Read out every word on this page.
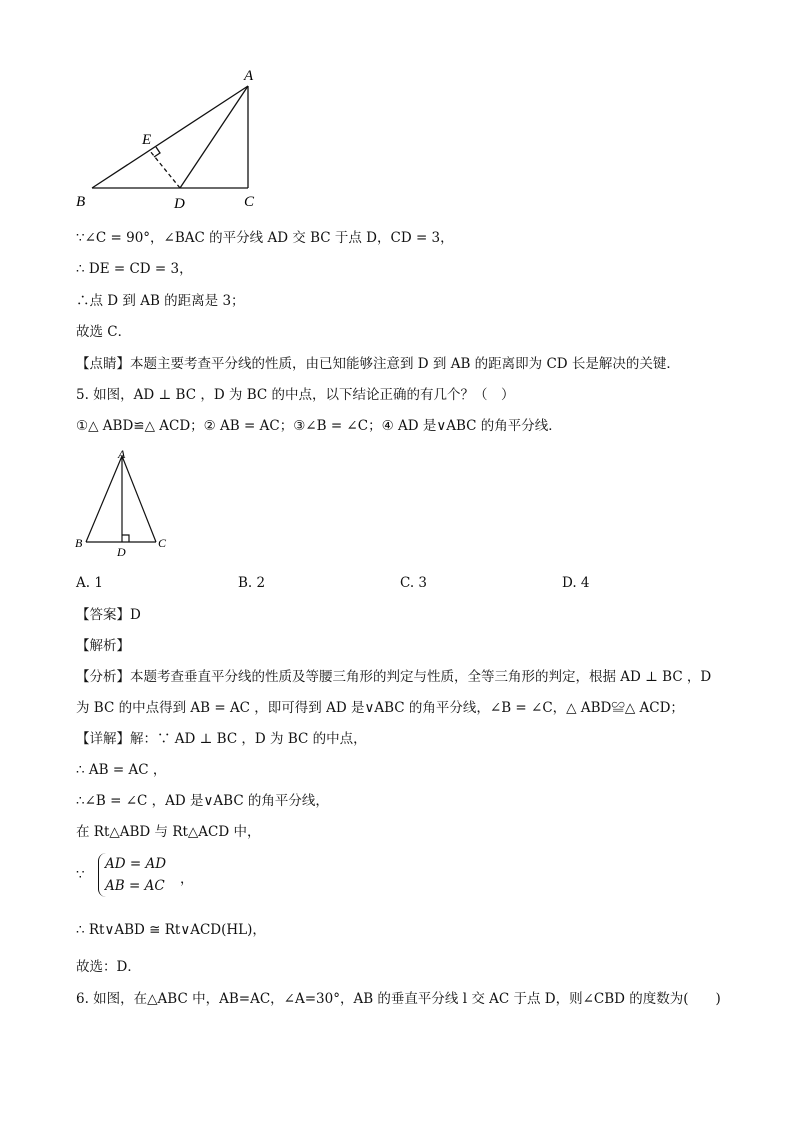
A
E
B	D	C
∵∠C = 90°，∠BAC 的平分线 AD 交 BC 于点 D，CD = 3，
∴ DE = CD = 3，
∴点 D 到 AB 的距离是 3；
故选 C．
【点睛】本题主要考查平分线的性质，由已知能够注意到 D 到 AB 的距离即为 CD 长是解决的关键．
5. 如图，AD ⊥ BC ，D 为 BC 的中点，以下结论正确的有几个？（　）
①△ ABD≌△ ACD；② AB = AC；③∠B = ∠C；④ AD 是∨ABC 的角平分线．
A
B	C
D
A. 1	B. 2	C. 3	D. 4
【答案】D
【解析】
【分析】本题考查垂直平分线的性质及等腰三角形的判定与性质，全等三角形的判定，根据 AD ⊥ BC ，D
为 BC 的中点得到 AB = AC ，即可得到 AD 是∨ABC 的角平分线，∠B = ∠C，△ ABD≌△ ACD；
【详解】解：∵ AD ⊥ BC ，D 为 BC 的中点，
∴ AB = AC ，
∴∠B = ∠C ，AD 是∨ABC 的角平分线，
在 Rt△ABD 与 Rt△ACD 中，
∵
AD = AD
AB = AC ，
∴ Rt∨ABD ≅ Rt∨ACD(HL)，
故选：D．
6. 如图，在△ABC 中，AB=AC，∠A=30°，AB 的垂直平分线 l 交 AC 于点 D，则∠CBD 的度数为(　　)
